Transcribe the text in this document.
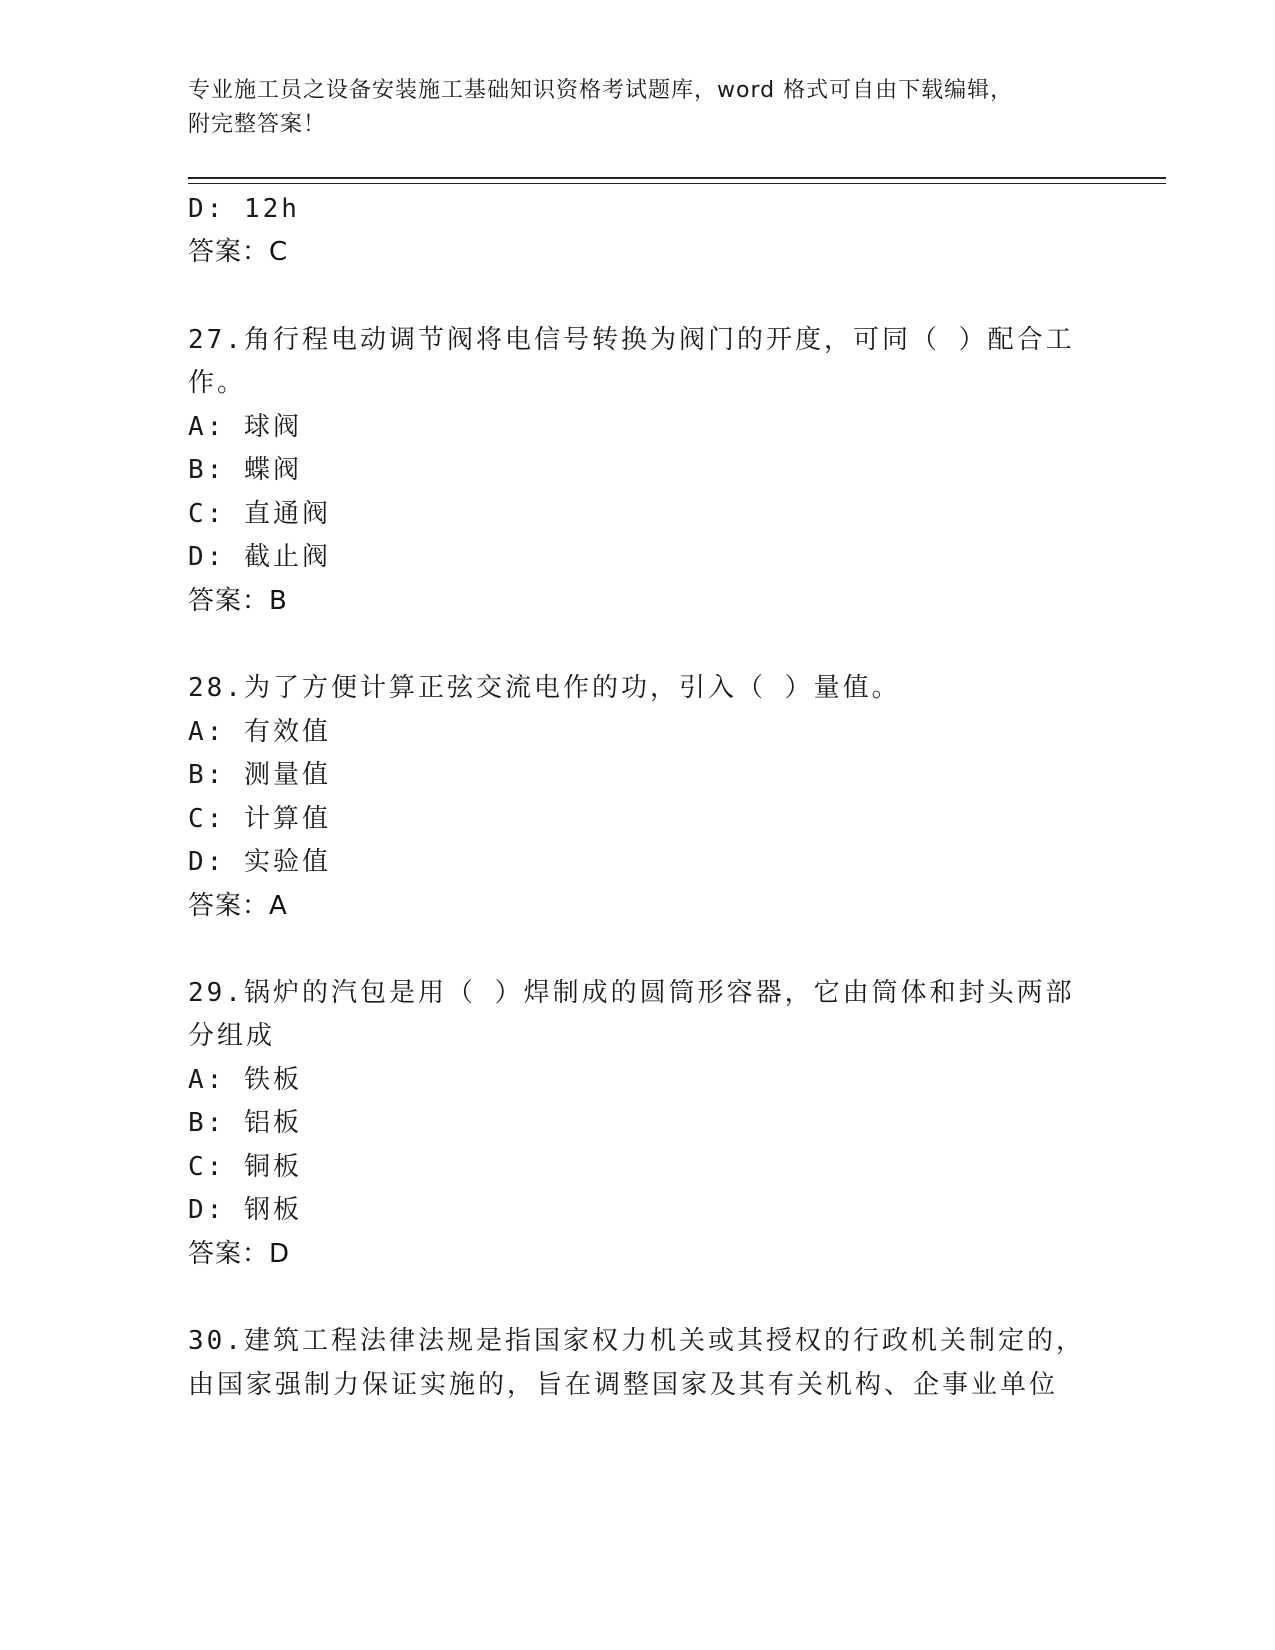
专业施工员之设备安装施工基础知识资格考试题库，word 格式可自由下载编辑，
附完整答案！
D: 12h
答案：C
27.角行程电动调节阀将电信号转换为阀门的开度，可同（ ）配合工
作。
A: 球阀
B: 蝶阀
C: 直通阀
D: 截止阀
答案：B
28.为了方便计算正弦交流电作的功，引入（ ）量值。
A: 有效值
B: 测量值
C: 计算值
D: 实验值
答案：A
29.锅炉的汽包是用（ ）焊制成的圆筒形容器，它由筒体和封头两部
分组成
A: 铁板
B: 铝板
C: 铜板
D: 钢板
答案：D
30.建筑工程法律法规是指国家权力机关或其授权的行政机关制定的，
由国家强制力保证实施的，旨在调整国家及其有关机构、企事业单位
